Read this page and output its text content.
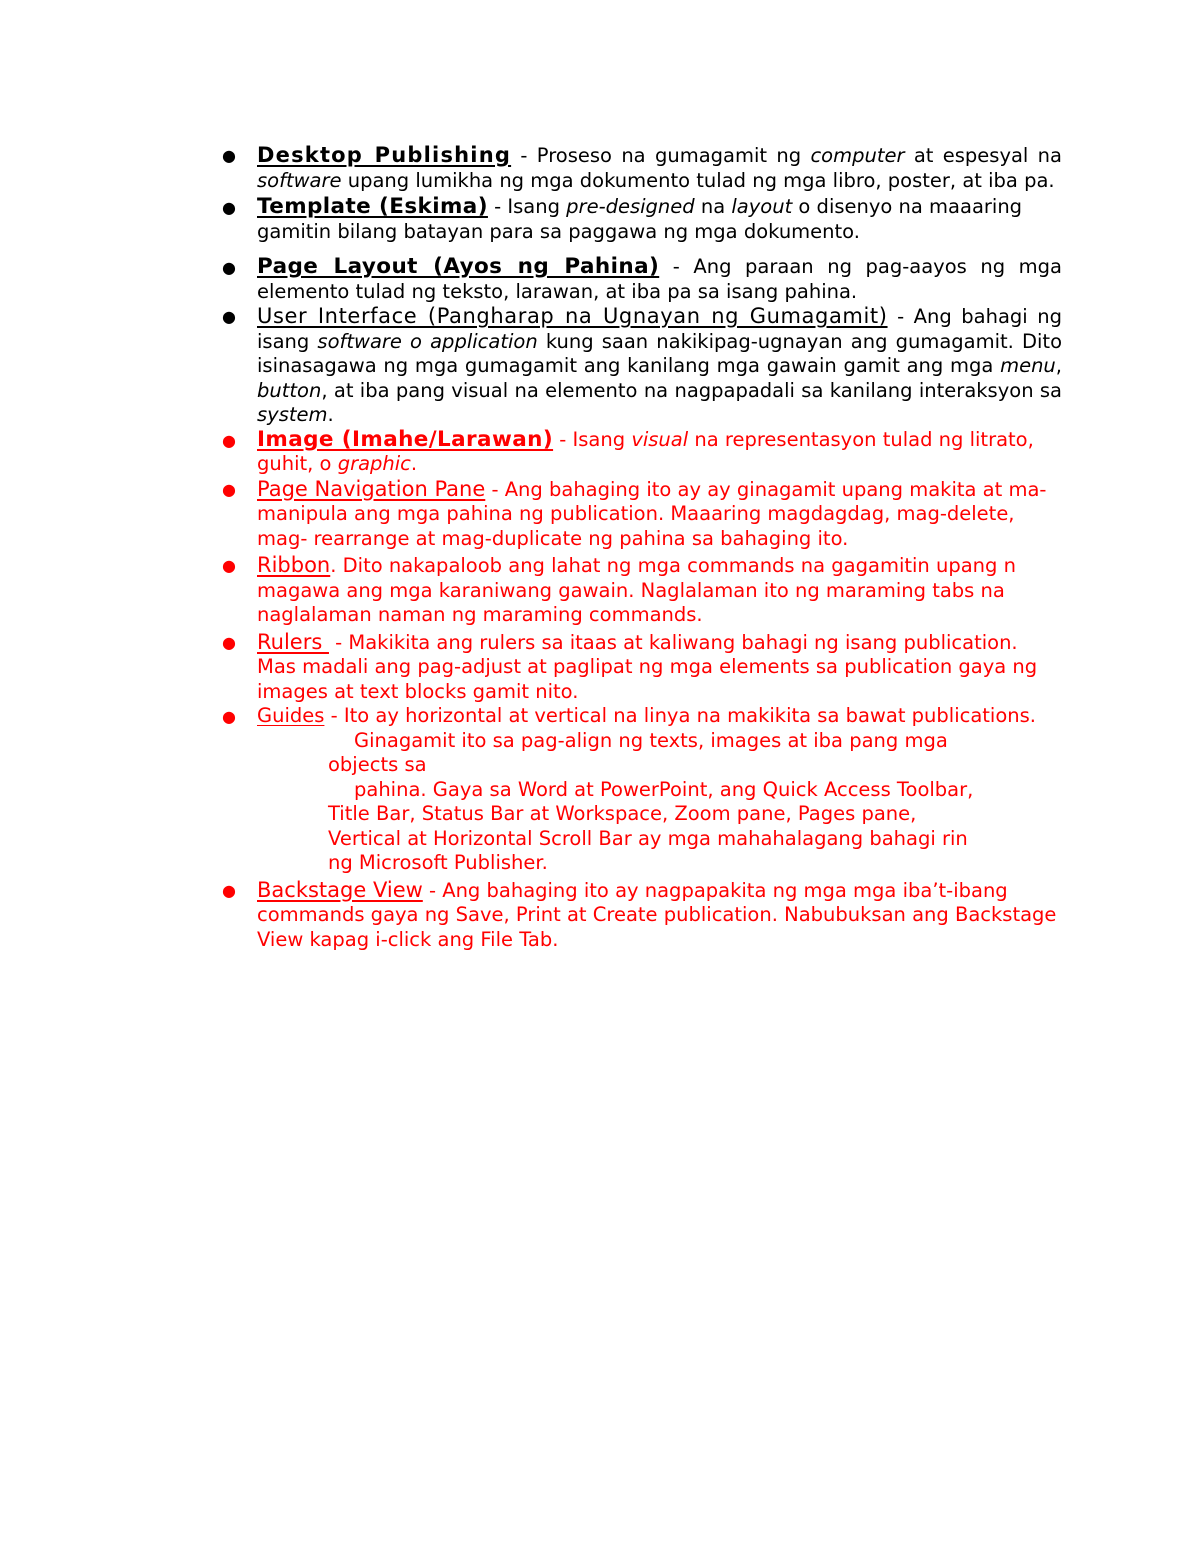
● Desktop Publishing - Proseso na gumagamit ng computer at espesyal na software upang lumikha ng mga dokumento tulad ng mga libro, poster, at iba pa.

● Template (Eskima) - Isang pre-designed na layout o disenyo na maaaring gamitin bilang batayan para sa paggawa ng mga dokumento.

● Page Layout (Ayos ng Pahina) - Ang paraan ng pag-aayos ng mga elemento tulad ng teksto, larawan, at iba pa sa isang pahina.

● User Interface (Pangharap na Ugnayan ng Gumagamit) - Ang bahagi ng isang software o application kung saan nakikipag-ugnayan ang gumagamit. Dito isinasagawa ng mga gumagamit ang kanilang mga gawain gamit ang mga menu, button, at iba pang visual na elemento na nagpapadali sa kanilang interaksyon sa system.

● Image (Imahe/Larawan) - Isang visual na representasyon tulad ng litrato, guhit, o graphic.

● Page Navigation Pane - Ang bahaging ito ay ay ginagamit upang makita at ma- manipula ang mga pahina ng publication. Maaaring magdagdag, mag-delete, mag- rearrange at mag-duplicate ng pahina sa bahaging ito.

● Ribbon. Dito nakapaloob ang lahat ng mga commands na gagamitin upang n magawa ang mga karaniwang gawain. Naglalaman ito ng maraming tabs na naglalaman naman ng maraming commands.

● Rulers  - Makikita ang rulers sa itaas at kaliwang bahagi ng isang publication. Mas madali ang pag-adjust at paglipat ng mga elements sa publication gaya ng images at text blocks gamit nito.

● Guides - Ito ay horizontal at vertical na linya na makikita sa bawat publications.

Ginagamit ito sa pag-align ng texts, images at iba pang mga

objects sa

pahina. Gaya sa Word at PowerPoint, ang Quick Access Toolbar,

Title Bar, Status Bar at Workspace, Zoom pane, Pages pane,

Vertical at Horizontal Scroll Bar ay mga mahahalagang bahagi rin

ng Microsoft Publisher.

● Backstage View - Ang bahaging ito ay nagpapakita ng mga mga iba’t-ibang commands gaya ng Save, Print at Create publication. Nabubuksan ang Backstage View kapag i-click ang File Tab.
